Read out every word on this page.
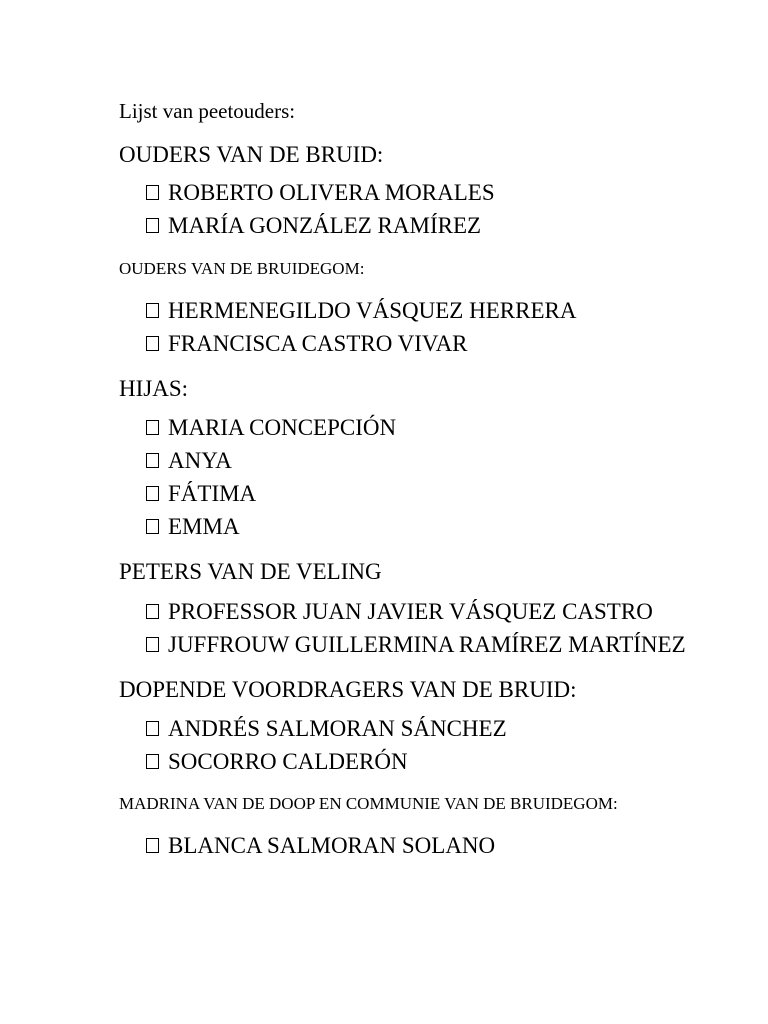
Lijst van peetouders:
OUDERS VAN DE BRUID:
ROBERTO OLIVERA MORALES
MARÍA GONZÁLEZ RAMÍREZ
OUDERS VAN DE BRUIDEGOM:
HERMENEGILDO VÁSQUEZ HERRERA
FRANCISCA CASTRO VIVAR
HIJAS:
MARIA CONCEPCIÓN
ANYA
FÁTIMA
EMMA
PETERS VAN DE VELING
PROFESSOR JUAN JAVIER VÁSQUEZ CASTRO
JUFFROUW GUILLERMINA RAMÍREZ MARTÍNEZ
DOPENDE VOORDRAGERS VAN DE BRUID:
ANDRÉS SALMORAN SÁNCHEZ
SOCORRO CALDERÓN
MADRINA VAN DE DOOP EN COMMUNIE VAN DE BRUIDEGOM:
BLANCA SALMORAN SOLANO
